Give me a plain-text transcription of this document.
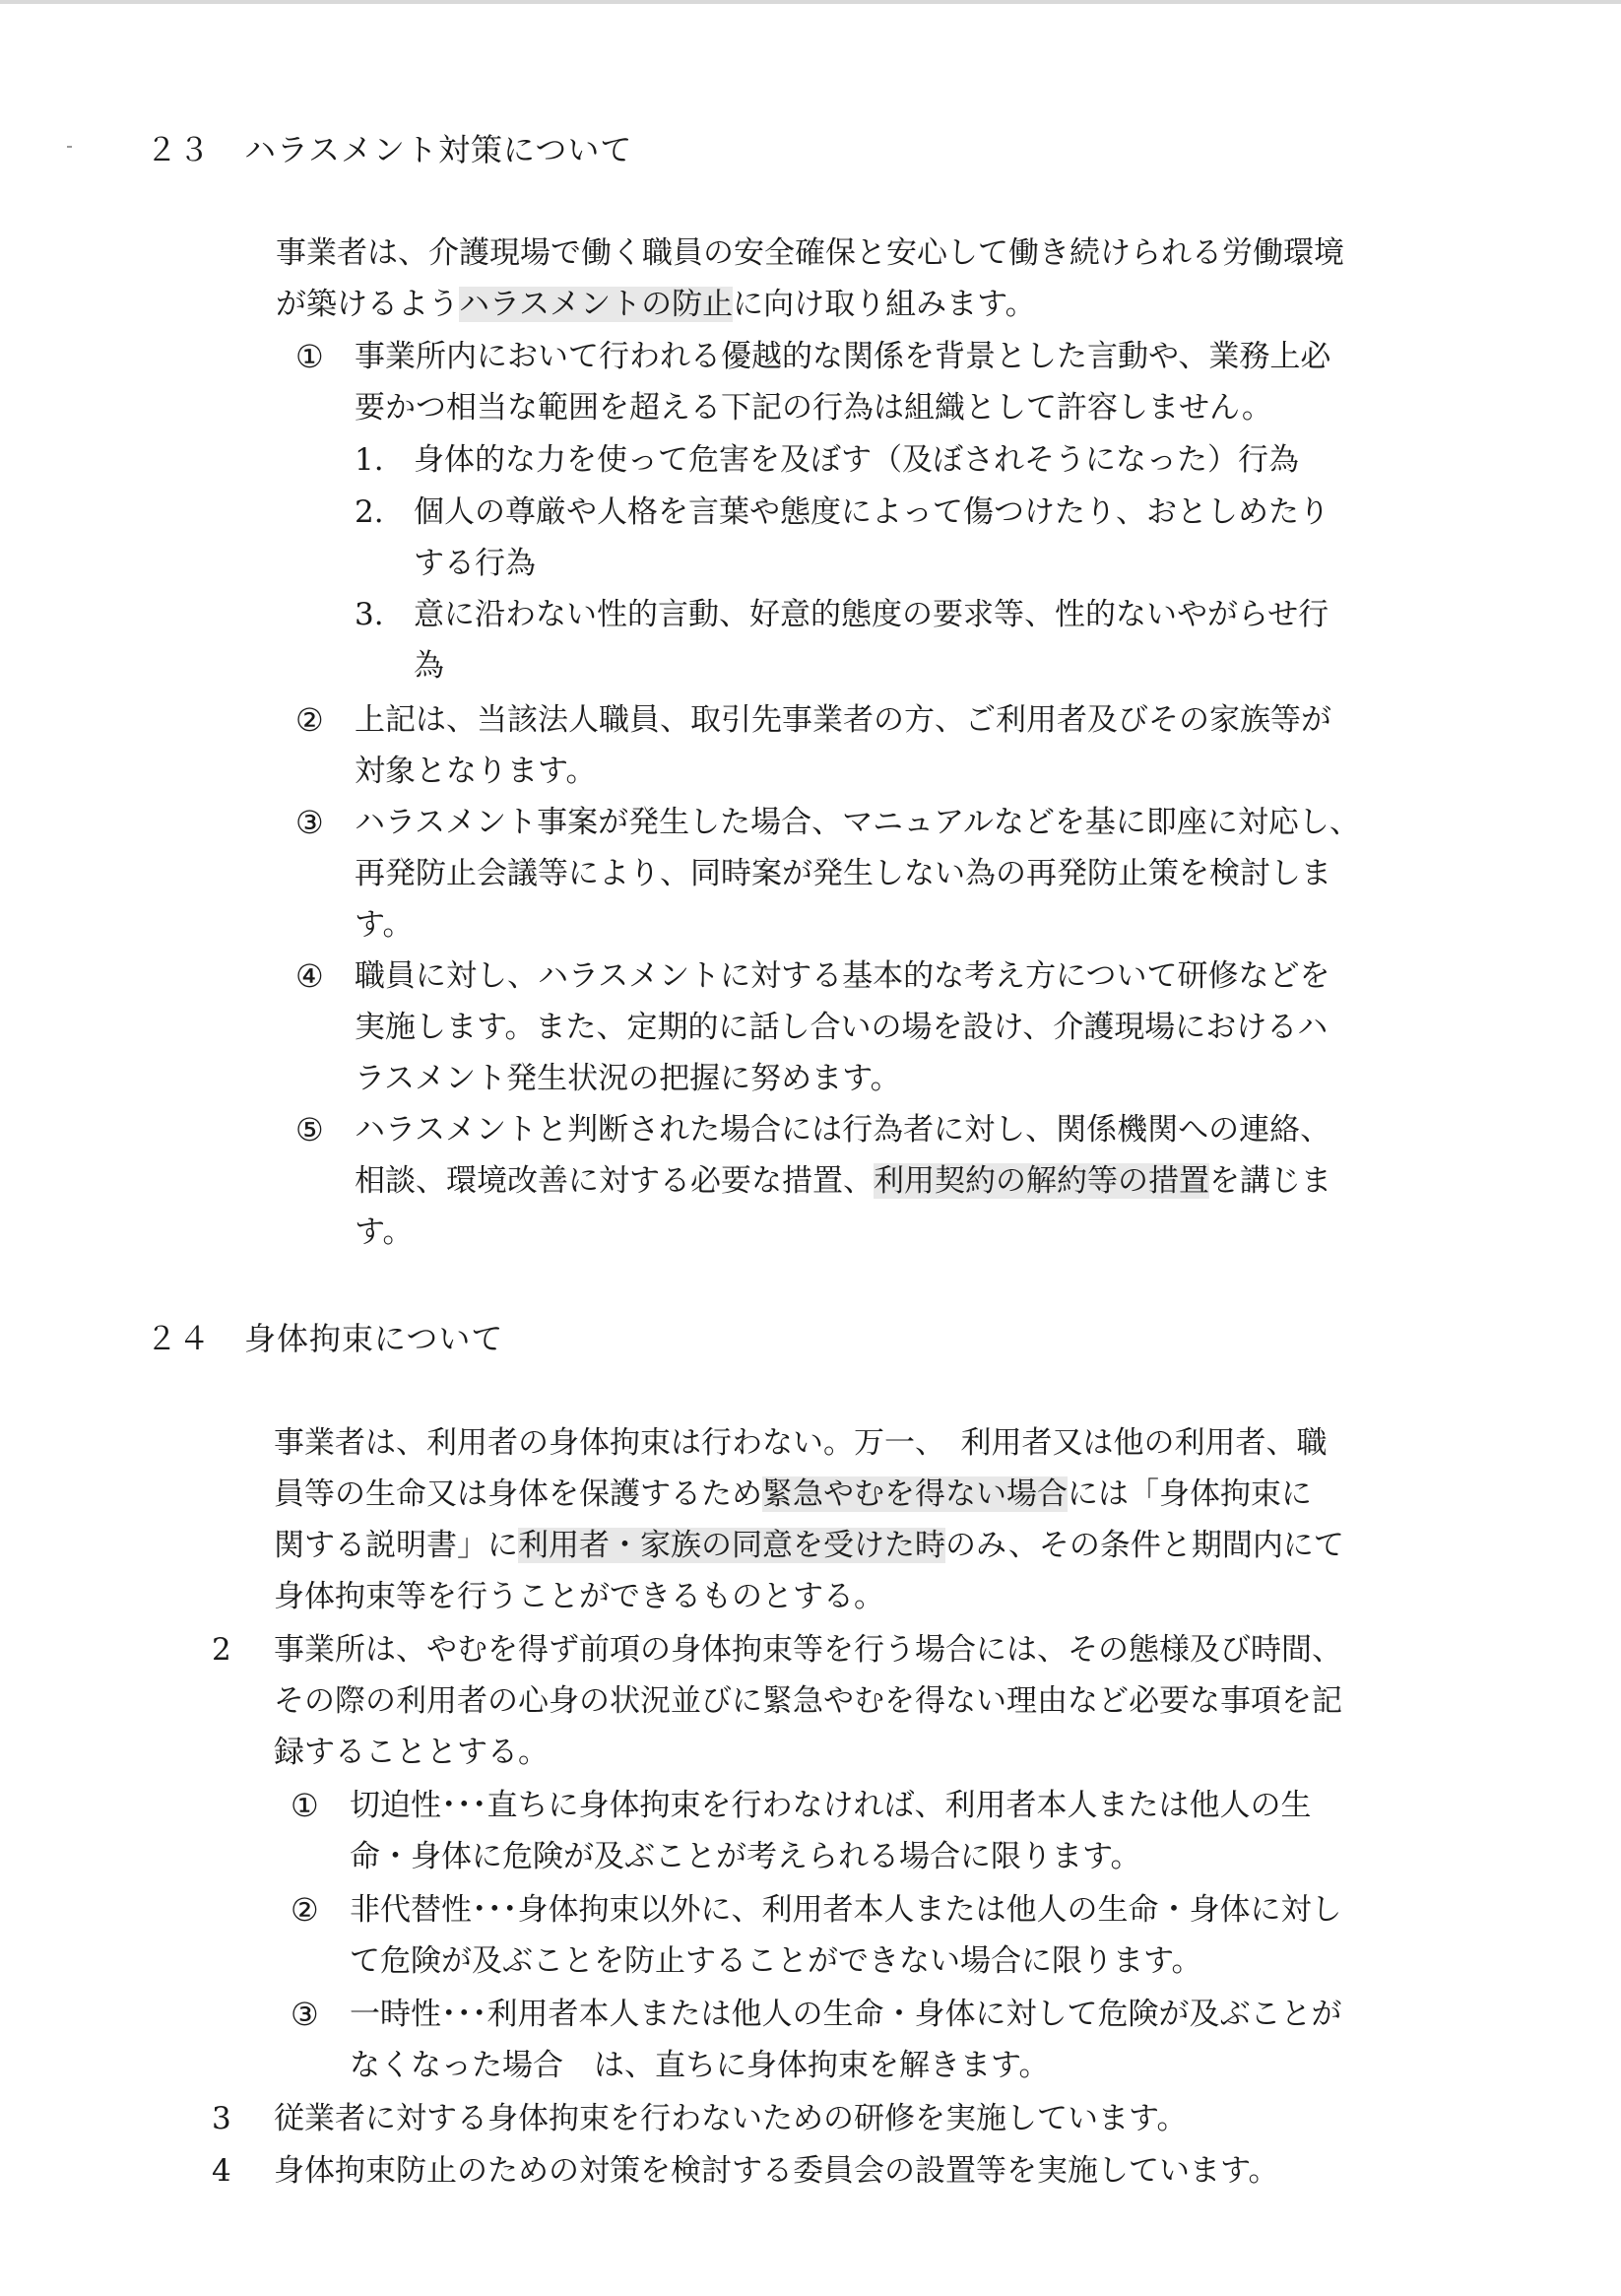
２３ ハラスメント対策について
事業者は、介護現場で働く職員の安全確保と安心して働き続けられる労働環境
が築けるようハラスメントの防止に向け取り組みます。
① 事業所内において行われる優越的な関係を背景とした言動や、業務上必
要かつ相当な範囲を超える下記の行為は組織として許容しません。
1. 身体的な力を使って危害を及ぼす（及ぼされそうになった）行為
2. 個人の尊厳や人格を言葉や態度によって傷つけたり、おとしめたり
する行為
3. 意に沿わない性的言動、好意的態度の要求等、性的ないやがらせ行
為
② 上記は、当該法人職員、取引先事業者の方、ご利用者及びその家族等が
対象となります。
③ ハラスメント事案が発生した場合、マニュアルなどを基に即座に対応し、
再発防止会議等により、同時案が発生しない為の再発防止策を検討しま
す。
④ 職員に対し、ハラスメントに対する基本的な考え方について研修などを
実施します。また、定期的に話し合いの場を設け、介護現場におけるハ
ラスメント発生状況の把握に努めます。
⑤ ハラスメントと判断された場合には行為者に対し、関係機関への連絡、
相談、環境改善に対する必要な措置、利用契約の解約等の措置を講じま
す。
２４ 身体拘束について
事業者は、利用者の身体拘束は行わない。万一、　利用者又は他の利用者、職
員等の生命又は身体を保護するため緊急やむを得ない場合には「身体拘束に
関する説明書」に利用者・家族の同意を受けた時のみ、その条件と期間内にて
身体拘束等を行うことができるものとする。
2 事業所は、やむを得ず前項の身体拘束等を行う場合には、その態様及び時間、
その際の利用者の心身の状況並びに緊急やむを得ない理由など必要な事項を記
録することとする。
① 切迫性･･･直ちに身体拘束を行わなければ、利用者本人または他人の生
命・身体に危険が及ぶことが考えられる場合に限ります。
② 非代替性･･･身体拘束以外に、利用者本人または他人の生命・身体に対し
て危険が及ぶことを防止することができない場合に限ります。
③ 一時性･･･利用者本人または他人の生命・身体に対して危険が及ぶことが
なくなった場合　は、直ちに身体拘束を解きます。
3 従業者に対する身体拘束を行わないための研修を実施しています。
4 身体拘束防止のための対策を検討する委員会の設置等を実施しています。
